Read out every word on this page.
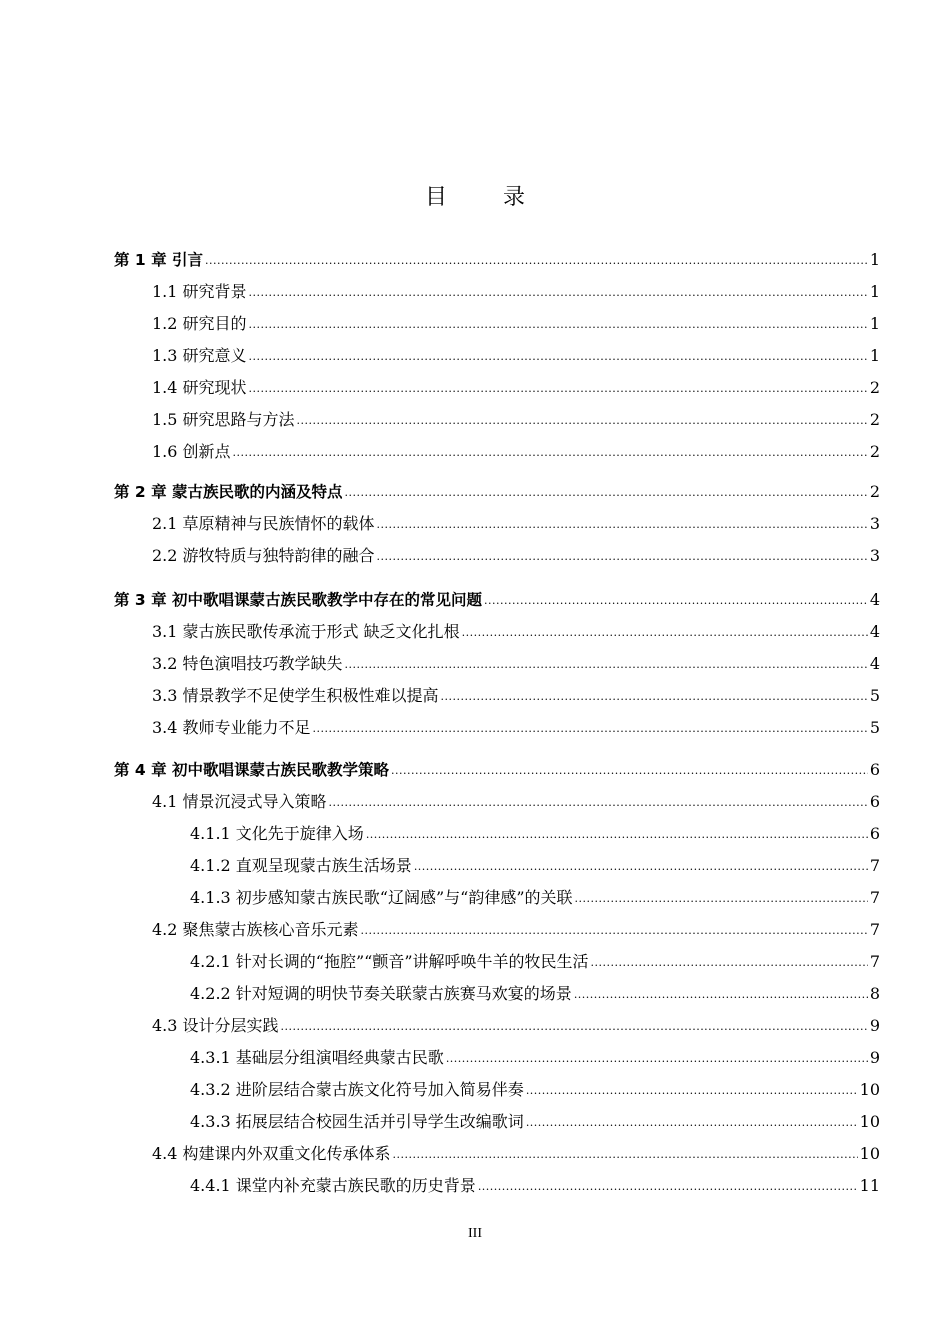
目	录
第 1 章 引言 .....	1
1.1 研究背景 .....	1
1.2 研究目的 .....	1
1.3 研究意义 .....	1
1.4 研究现状 .....	2
1.5 研究思路与方法 .....	2
1.6 创新点 .....	2
第 2 章 蒙古族民歌的内涵及特点 .....	2
2.1 草原精神与民族情怀的载体 .....	3
2.2 游牧特质与独特韵律的融合 .....	3
第 3 章 初中歌唱课蒙古族民歌教学中存在的常见问题 .....	4
3.1 蒙古族民歌传承流于形式 缺乏文化扎根 .....	4
3.2 特色演唱技巧教学缺失 .....	4
3.3 情景教学不足使学生积极性难以提高 .....	5
3.4 教师专业能力不足 .....	5
第 4 章 初中歌唱课蒙古族民歌教学策略 .....	6
4.1 情景沉浸式导入策略 .....	6
4.1.1 文化先于旋律入场 .....	6
4.1.2 直观呈现蒙古族生活场景 .....	7
4.1.3 初步感知蒙古族民歌“辽阔感”与“韵律感”的关联 .....	7
4.2 聚焦蒙古族核心音乐元素 .....	7
4.2.1 针对长调的“拖腔”“颤音”讲解呼唤牛羊的牧民生活 .....	7
4.2.2 针对短调的明快节奏关联蒙古族赛马欢宴的场景 .....	8
4.3 设计分层实践 .....	9
4.3.1 基础层分组演唱经典蒙古民歌 .....	9
4.3.2 进阶层结合蒙古族文化符号加入简易伴奏 .....	10
4.3.3 拓展层结合校园生活并引导学生改编歌词 .....	10
4.4 构建课内外双重文化传承体系 .....	10
4.4.1 课堂内补充蒙古族民歌的历史背景 .....	11
III
